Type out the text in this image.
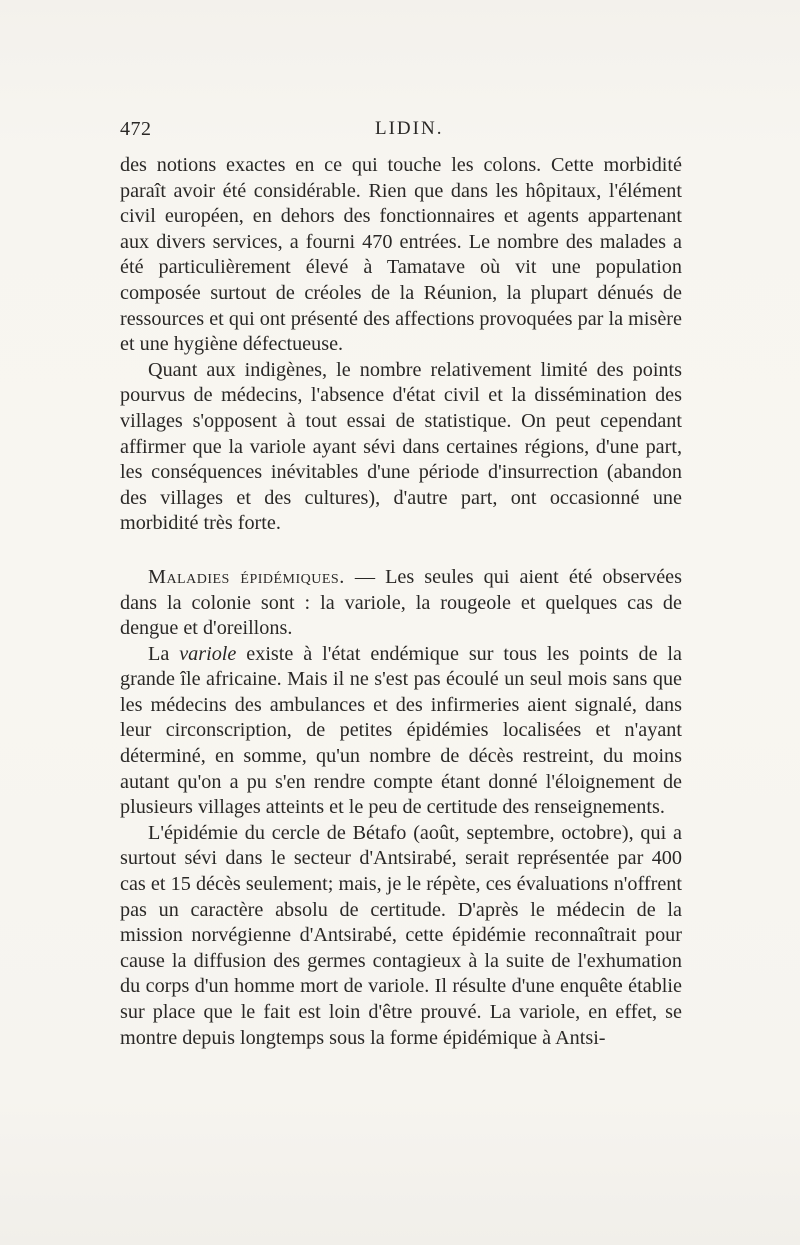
472	LIDIN.

des notions exactes en ce qui touche les colons. Cette morbidité paraît avoir été considérable. Rien que dans les hôpitaux, l'élément civil européen, en dehors des fonctionnaires et agents appartenant aux divers services, a fourni 470 entrées. Le nombre des malades a été particulièrement élevé à Tamatave où vit une population composée surtout de créoles de la Réunion, la plupart dénués de ressources et qui ont présenté des affections provoquées par la misère et une hygiène défectueuse.

Quant aux indigènes, le nombre relativement limité des points pourvus de médecins, l'absence d'état civil et la dissémination des villages s'opposent à tout essai de statistique. On peut cependant affirmer que la variole ayant sévi dans certaines régions, d'une part, les conséquences inévitables d'une période d'insurrection (abandon des villages et des cultures), d'autre part, ont occasionné une morbidité très forte.

Maladies épidémiques. — Les seules qui aient été observées dans la colonie sont : la variole, la rougeole et quelques cas de dengue et d'oreillons.

La variole existe à l'état endémique sur tous les points de la grande île africaine. Mais il ne s'est pas écoulé un seul mois sans que les médecins des ambulances et des infirmeries aient signalé, dans leur circonscription, de petites épidémies localisées et n'ayant déterminé, en somme, qu'un nombre de décès restreint, du moins autant qu'on a pu s'en rendre compte étant donné l'éloignement de plusieurs villages atteints et le peu de certitude des renseignements.

L'épidémie du cercle de Bétafo (août, septembre, octobre), qui a surtout sévi dans le secteur d'Antsirabé, serait représentée par 400 cas et 15 décès seulement; mais, je le répète, ces évaluations n'offrent pas un caractère absolu de certitude. D'après le médecin de la mission norvégienne d'Antsirabé, cette épidémie reconnaîtrait pour cause la diffusion des germes contagieux à la suite de l'exhumation du corps d'un homme mort de variole. Il résulte d'une enquête établie sur place que le fait est loin d'être prouvé. La variole, en effet, se montre depuis longtemps sous la forme épidémique à Antsi-
